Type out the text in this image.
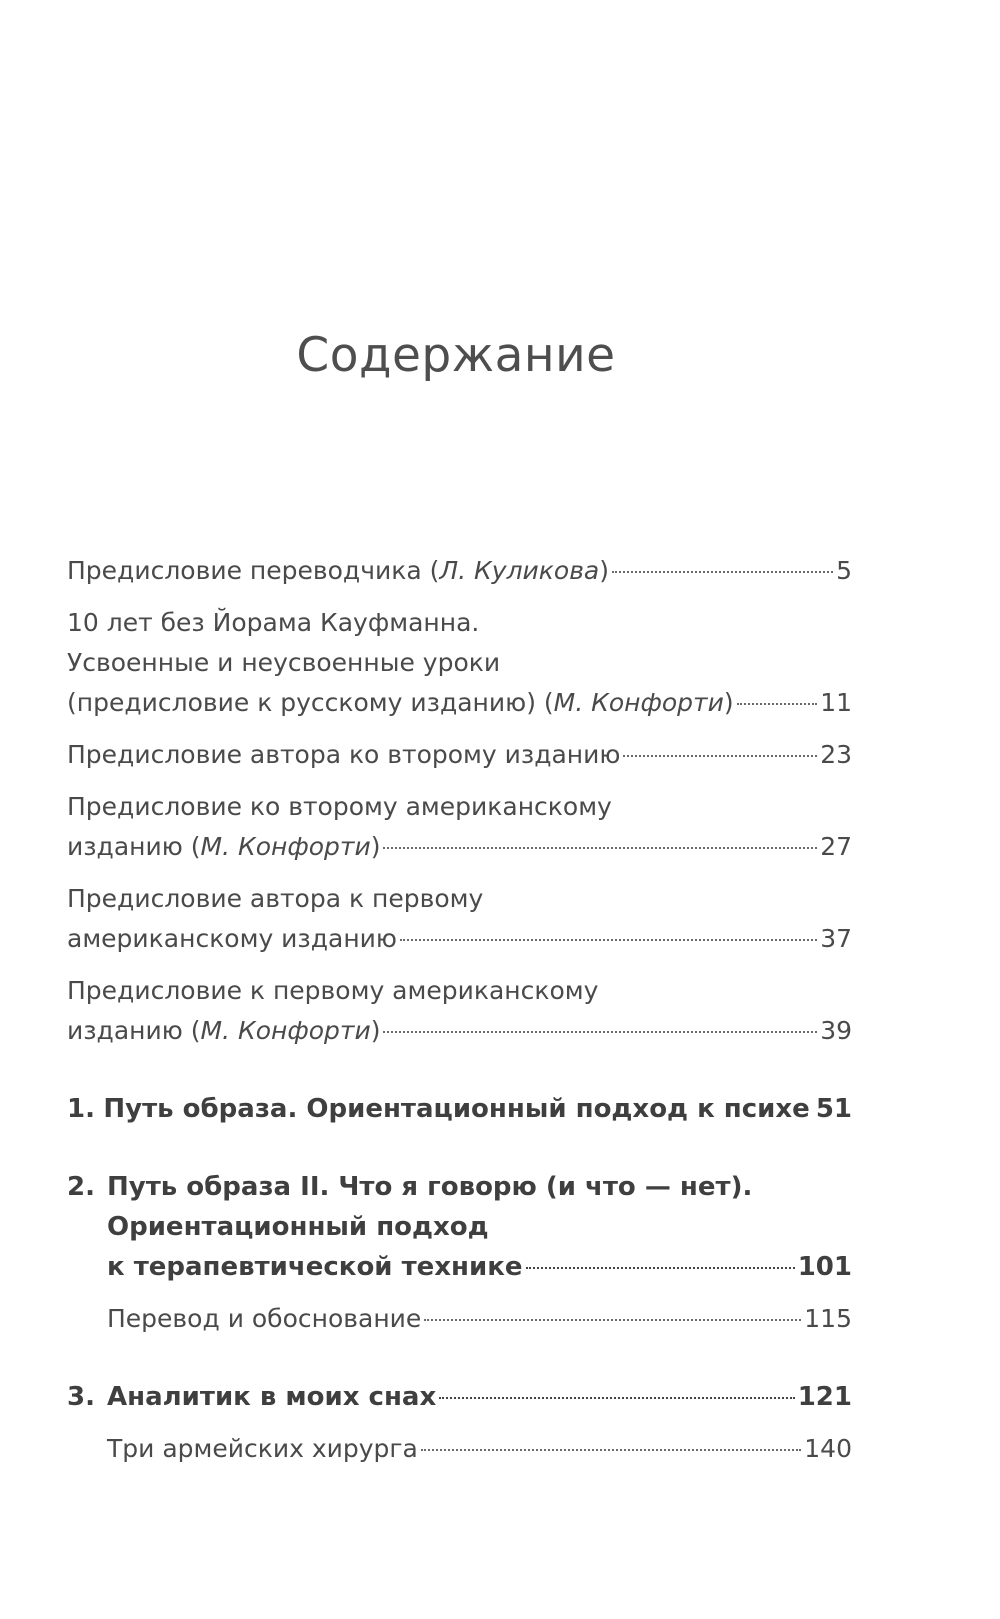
Содержание
Предисловие переводчика (Л. Куликова)	5
10 лет без Йорама Кауфманна.
Усвоенные и неусвоенные уроки
(предисловие к русскому изданию) (М. Конфорти)	11
Предисловие автора ко второму изданию	23
Предисловие ко второму американскому
изданию (М. Конфорти)	27
Предисловие автора к первому
американскому изданию	37
Предисловие к первому американскому
изданию (М. Конфорти)	39
1. Путь образа. Ориентационный подход к психе 51
2. Путь образа II. Что я говорю (и что — нет).
Ориентационный подход
к терапевтической технике	101
Перевод и обоснование	115
3. Аналитик в моих снах	121
Три армейских хирурга	140
